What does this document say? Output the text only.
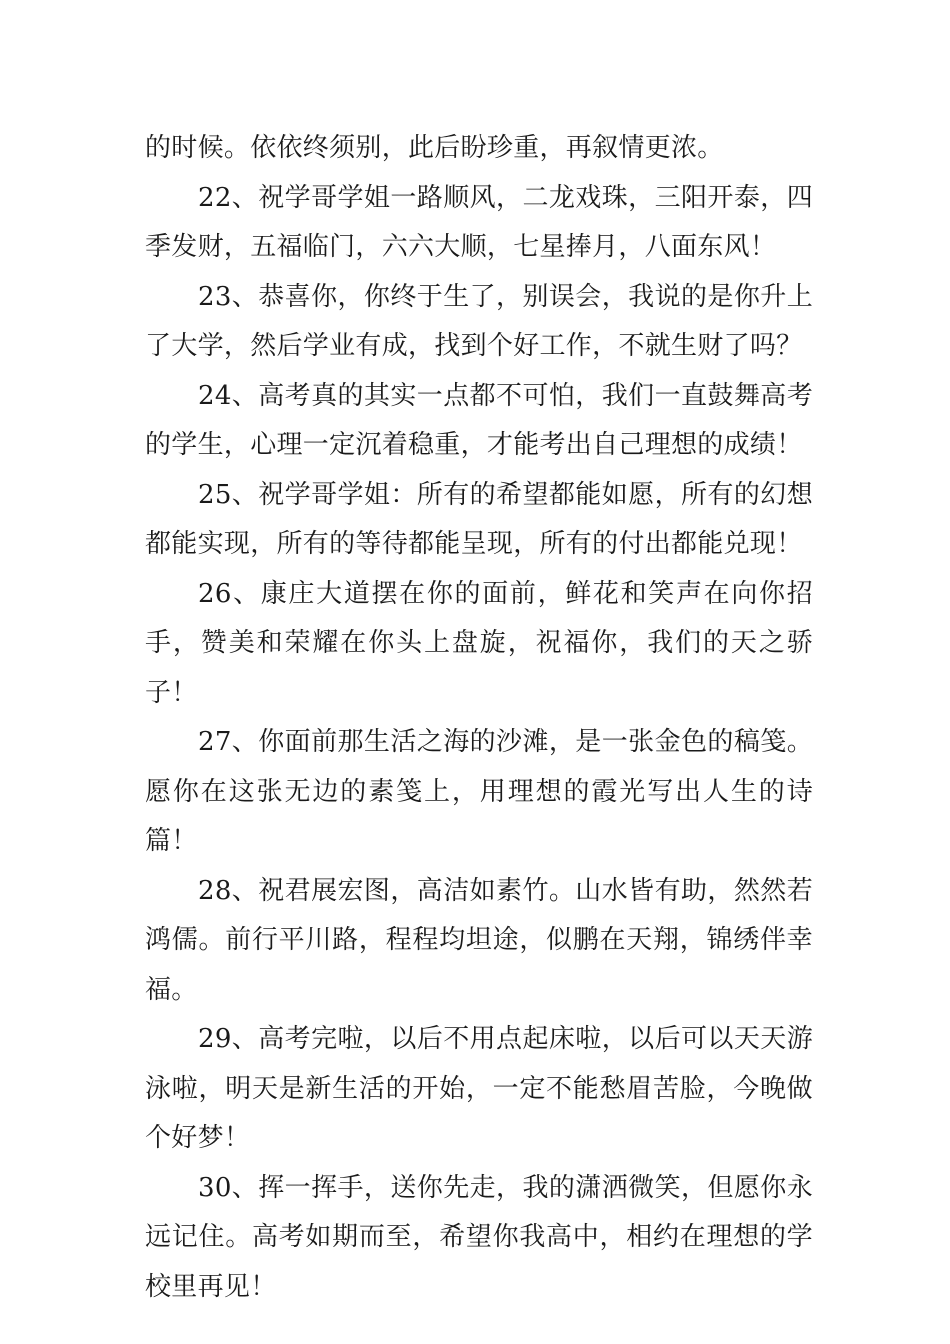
的时候。依依终须别，此后盼珍重，再叙情更浓。

22、祝学哥学姐一路顺风，二龙戏珠，三阳开泰，四季发财，五福临门，六六大顺，七星捧月，八面东风！

23、恭喜你，你终于生了，别误会，我说的是你升上了大学，然后学业有成，找到个好工作，不就生财了吗？

24、高考真的其实一点都不可怕，我们一直鼓舞高考的学生，心理一定沉着稳重，才能考出自己理想的成绩！

25、祝学哥学姐：所有的希望都能如愿，所有的幻想都能实现，所有的等待都能呈现，所有的付出都能兑现！

26、康庄大道摆在你的面前，鲜花和笑声在向你招手，赞美和荣耀在你头上盘旋，祝福你，我们的天之骄子！

27、你面前那生活之海的沙滩，是一张金色的稿笺。愿你在这张无边的素笺上，用理想的霞光写出人生的诗篇！

28、祝君展宏图，高洁如素竹。山水皆有助，然然若鸿儒。前行平川路，程程均坦途，似鹏在天翔，锦绣伴幸福。

29、高考完啦，以后不用点起床啦，以后可以天天游泳啦，明天是新生活的开始，一定不能愁眉苦脸，今晚做个好梦！

30、挥一挥手，送你先走，我的潇洒微笑，但愿你永远记住。高考如期而至，希望你我高中，相约在理想的学校里再见！
